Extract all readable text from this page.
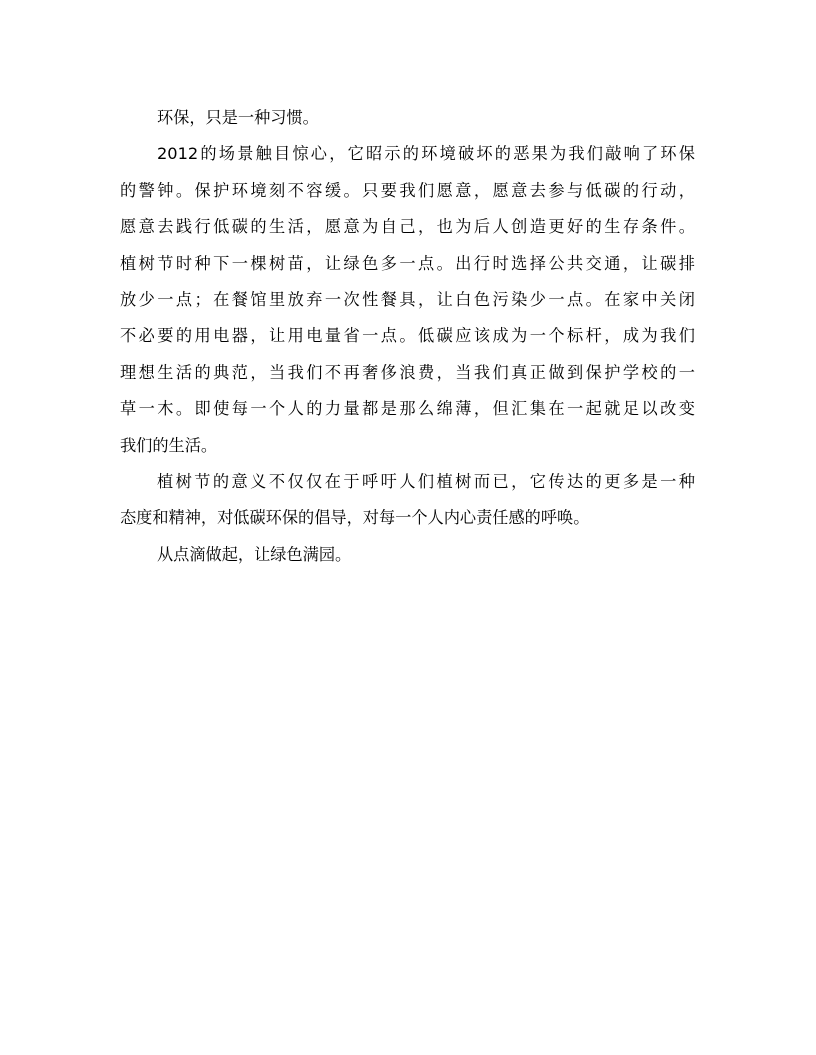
环保，只是一种习惯。
2012的场景触目惊心，它昭示的环境破坏的恶果为我们敲响了环保
的警钟。保护环境刻不容缓。只要我们愿意，愿意去参与低碳的行动，
愿意去践行低碳的生活，愿意为自己，也为后人创造更好的生存条件。
植树节时种下一棵树苗，让绿色多一点。出行时选择公共交通，让碳排
放少一点；在餐馆里放弃一次性餐具，让白色污染少一点。在家中关闭
不必要的用电器，让用电量省一点。低碳应该成为一个标杆，成为我们
理想生活的典范，当我们不再奢侈浪费，当我们真正做到保护学校的一
草一木。即使每一个人的力量都是那么绵薄，但汇集在一起就足以改变
我们的生活。
植树节的意义不仅仅在于呼吁人们植树而已，它传达的更多是一种
态度和精神，对低碳环保的倡导，对每一个人内心责任感的呼唤。
从点滴做起，让绿色满园。
